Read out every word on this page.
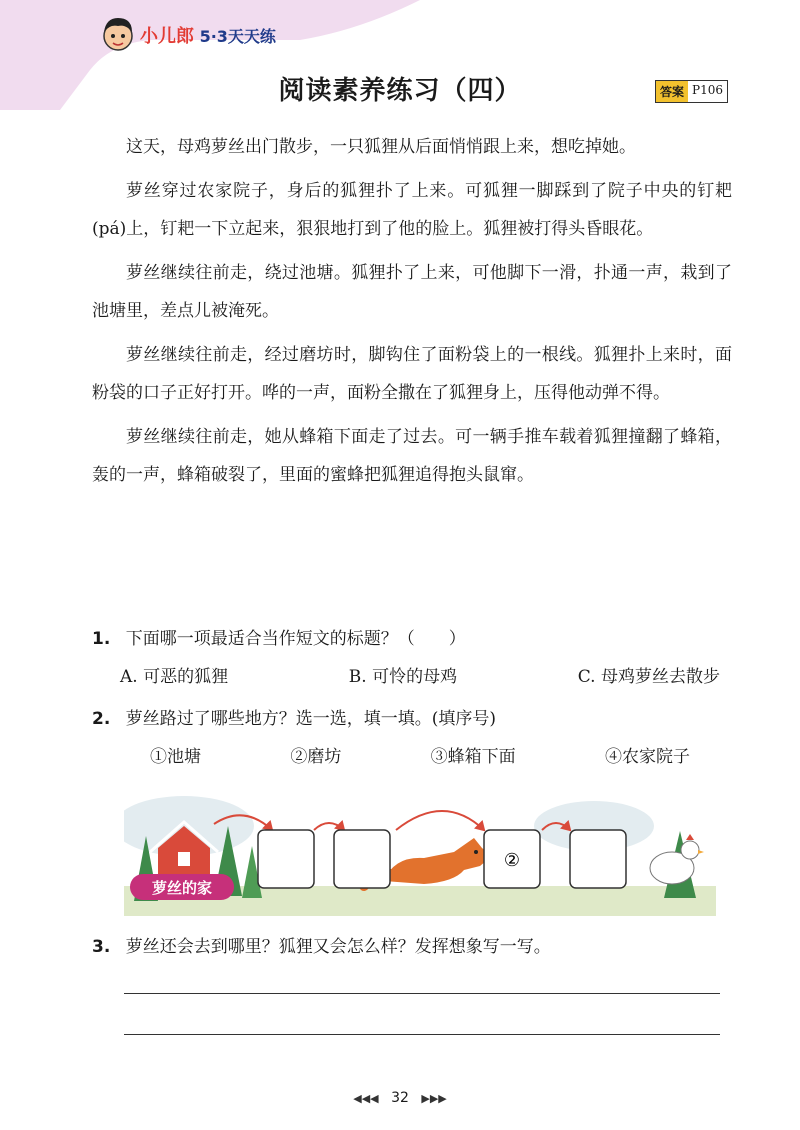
小儿郎 5·3天天练
阅读素养练习（四）	答案 P106

这天，母鸡萝丝出门散步，一只狐狸从后面悄悄跟上来，想吃掉她。

萝丝穿过农家院子，身后的狐狸扑了上来。可狐狸一脚踩到了院子中央的钉耙(pá)上，钉耙一下立起来，狠狠地打到了他的脸上。狐狸被打得头昏眼花。

萝丝继续往前走，绕过池塘。狐狸扑了上来，可他脚下一滑，扑通一声，栽到了池塘里，差点儿被淹死。

萝丝继续往前走，经过磨坊时，脚钩住了面粉袋上的一根线。狐狸扑上来时，面粉袋的口子正好打开。哗的一声，面粉全撒在了狐狸身上，压得他动弹不得。

萝丝继续往前走，她从蜂箱下面走了过去。可一辆手推车载着狐狸撞翻了蜂箱，轰的一声，蜂箱破裂了，里面的蜜蜂把狐狸追得抱头鼠窜。

1. 下面哪一项最适合当作短文的标题？（　　）
A. 可恶的狐狸	B. 可怜的母鸡	C. 母鸡萝丝去散步
2. 萝丝路过了哪些地方？选一选，填一填。(填序号)
①池塘	②磨坊	③蜂箱下面	④农家院子
②
萝丝的家
3. 萝丝还会去到哪里？狐狸又会怎么样？发挥想象写一写。
◀◀◀ 32 ▶▶▶
